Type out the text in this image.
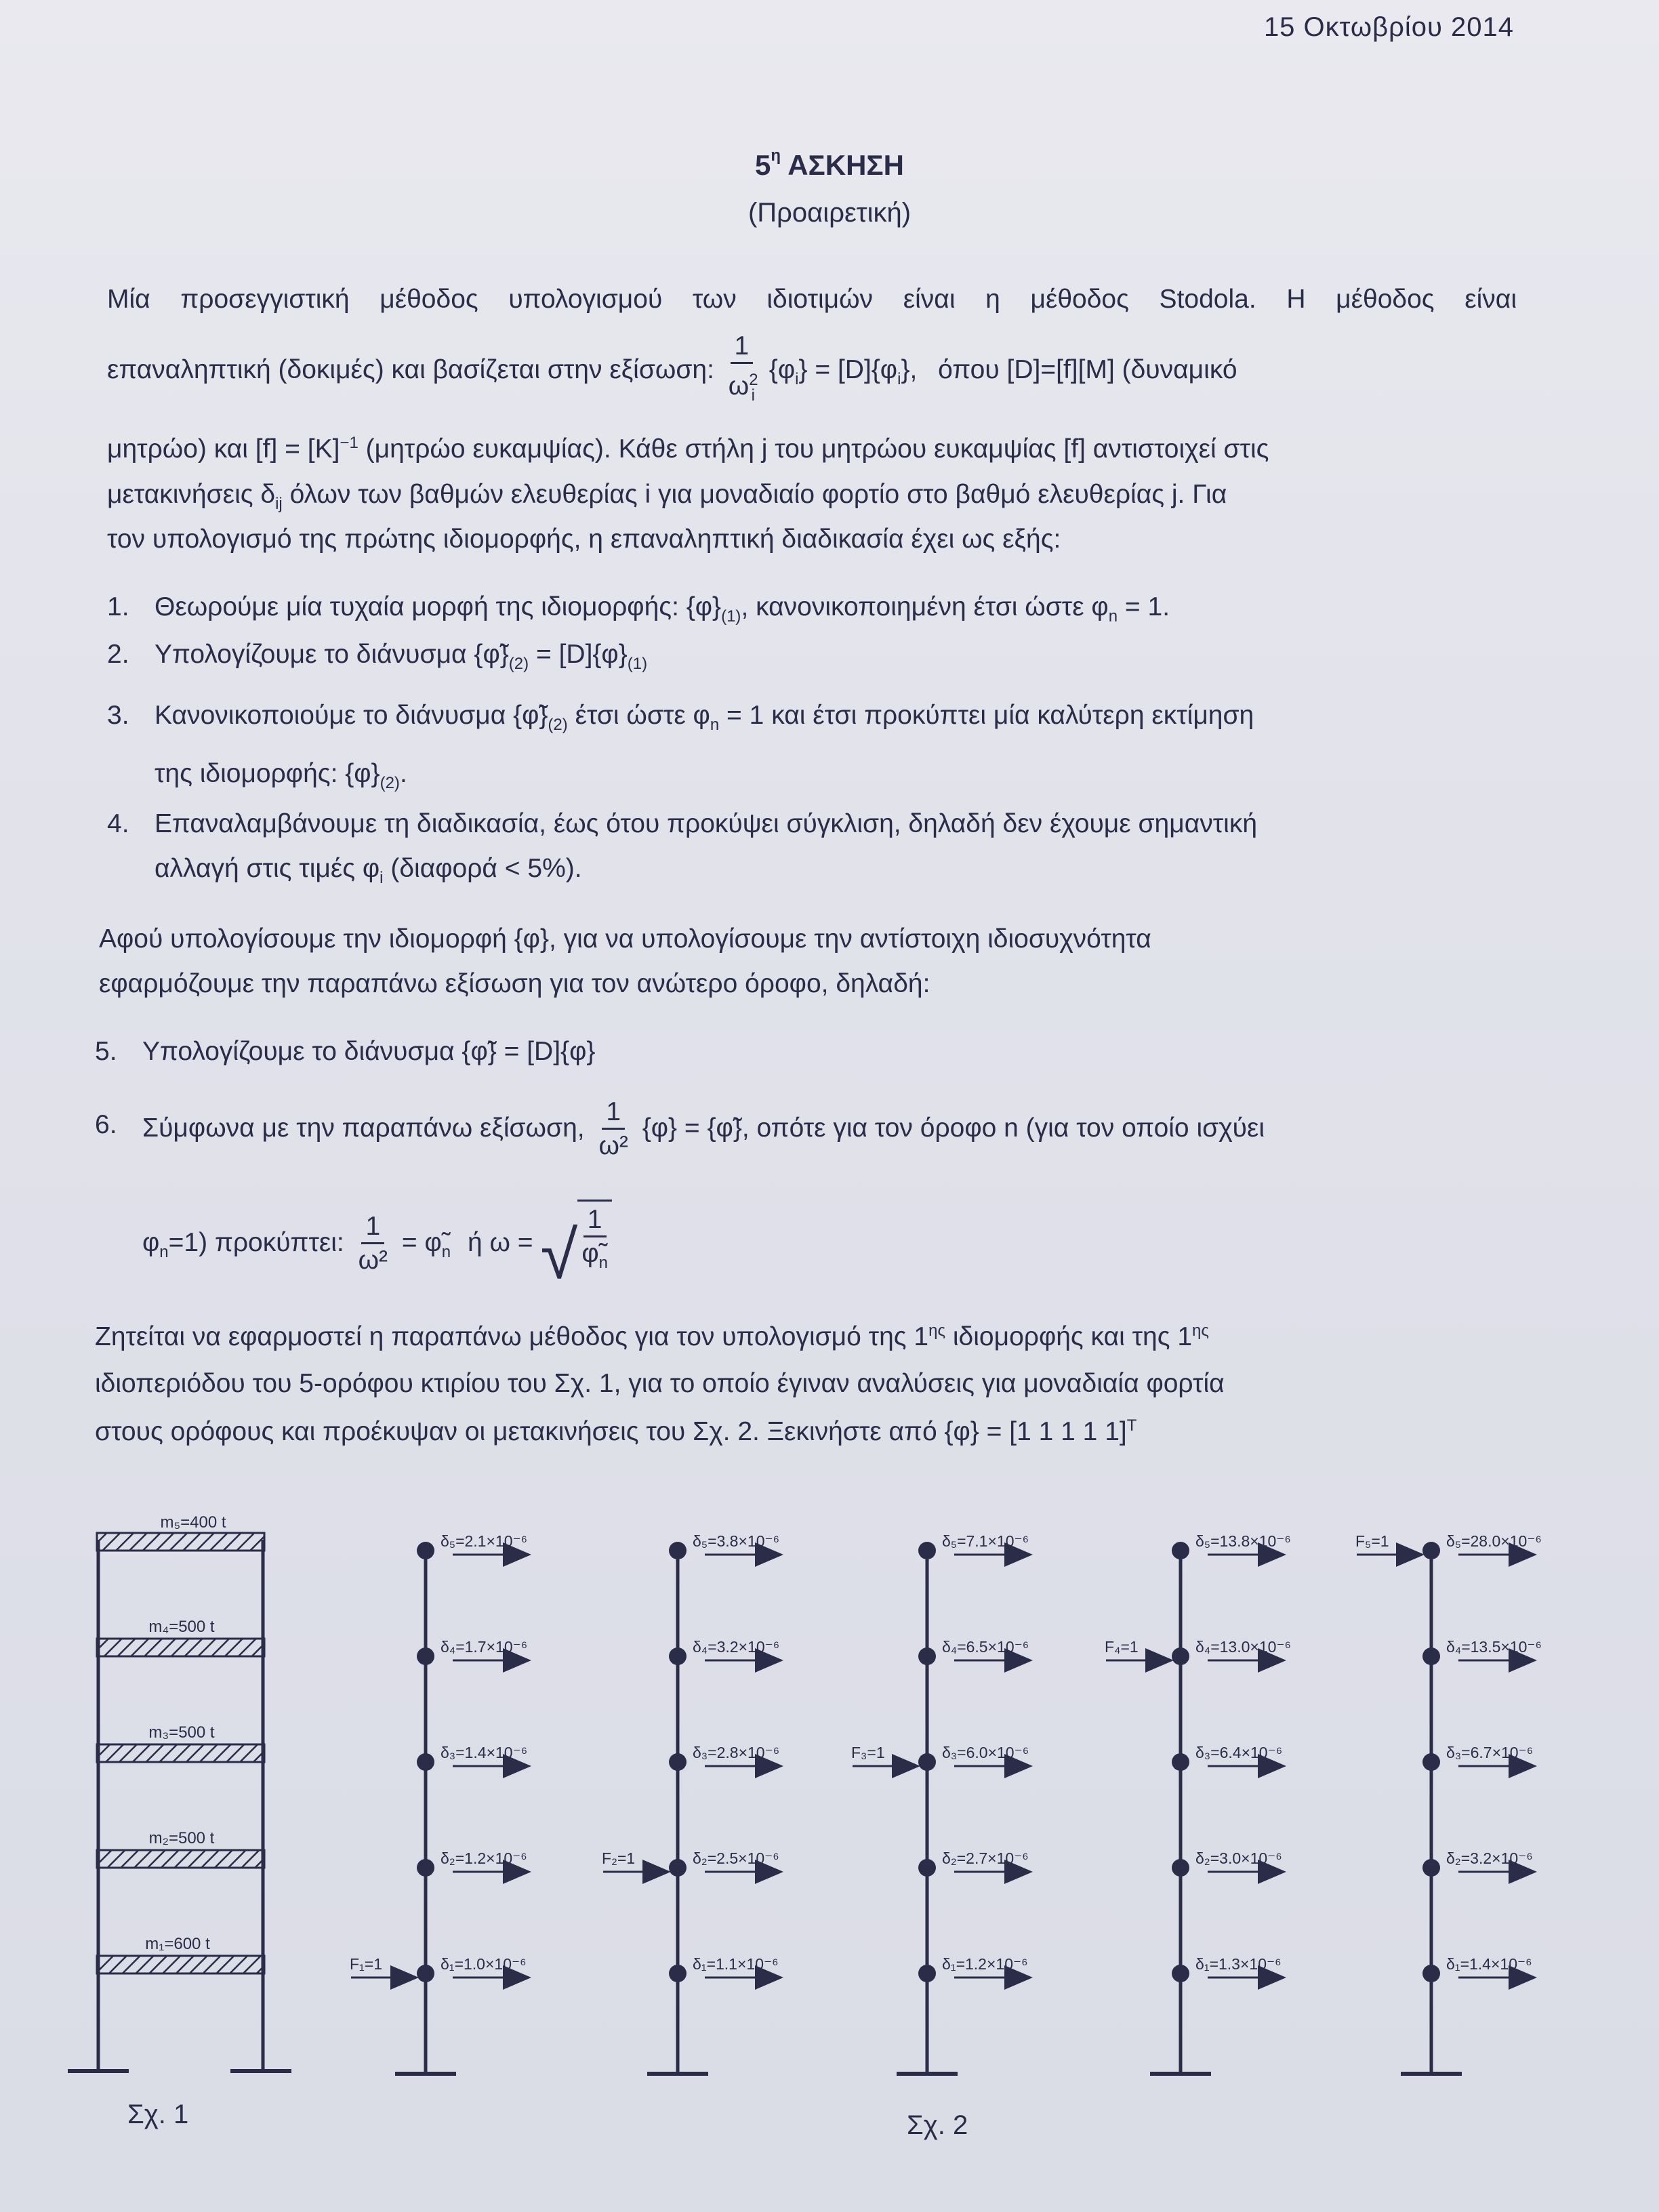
15 Οκτωβρίου 2014
$5^\eta$ ΑΣΚΗΣΗ
(Προαιρετική)
Μία προσεγγιστική μέθοδος υπολογισμού των ιδιοτιμών είναι η μέθοδος Stodola. Η μέθοδος είναι
επαναληπτική (δοκιμές) και βασίζεται στην εξίσωση: $\frac{1}{\omega^2_i} \{\varphi_i\} = [D]\{\varphi_i\}$, όπου [D]=[f][M] (δυναμικό
μητρώο) και $[f] = [K]^{-1}$ (μητρώο ευκαμψίας). Κάθε στήλη j του μητρώου ευκαμψίας [f] αντιστοιχεί στις
μετακινήσεις $\delta_{ij}$ όλων των βαθμών ελευθερίας i για μοναδιαίο φορτίο στο βαθμό ελευθερίας j. Για
τον υπολογισμό της πρώτης ιδιομορφής, η επαναληπτική διαδικασία έχει ως εξής:
1. Θεωρούμε μία τυχαία μορφή της ιδιομορφής: $\{\varphi\}_{(1)}$, κανονικοποιημένη έτσι ώστε $\varphi_n = 1$.
2. Υπολογίζουμε το διάνυσμα $\{\varphĩ\}_{(2)} = [D]\{\varphi\}_{(1)}$
3. Κανονικοποιούμε το διάνυσμα $\{\varphĩ\}_{(2)}$ έτσι ώστε $\varphi_n = 1$ και έτσι προκύπτει μία καλύτερη εκτίμηση
της ιδιομορφής: $\{\varphi\}_{(2)}$.
4. Επαναλαμβάνουμε τη διαδικασία, έως ότου προκύψει σύγκλιση, δηλαδή δεν έχουμε σημαντική
αλλαγή στις τιμές $\varphi_i$ (διαφορά < 5%).
Αφού υπολογίσουμε την ιδιομορφή {φ}, για να υπολογίσουμε την αντίστοιχη ιδιοσυχνότητα
εφαρμόζουμε την παραπάνω εξίσωση για τον ανώτερο όροφο, δηλαδή:
5. Υπολογίζουμε το διάνυσμα {φ̃} = [D]{φ}
6. Σύμφωνα με την παραπάνω εξίσωση, $\frac{1}{\text{ω²}} \{\varphi\}$ = {φ̃}, οπότε για τον όροφο n (για τον οποίο ισχύει
$\varphi_n=1$) προκύπτει: $\frac{1}{\text{ω²}}$ = $\varphĩ_n$ ή ω = √ $\frac{1}{\varphĩ_n}$
Ζητείται να εφαρμοστεί η παραπάνω μέθοδος για τον υπολογισμό της $1^{\eta\varsigma}$ ιδιομορφής και της $1^{\eta\varsigma}$
ιδιοπεριόδου του 5-ορόφου κτιρίου του Σχ. 1, για το οποίο έγιναν αναλύσεις για μοναδιαία φορτία
στους ορόφους και προέκυψαν οι μετακινήσεις του Σχ. 2. Ξεκινήστε από {φ} = [1 1 1 1 1]$^T$
m₅=400 t
m₄=500 t
m₃=500 t
m₂=500 t
m₁=600 t
δ₅=2.1×10⁻⁶
δ₄=1.7×10⁻⁶
δ₃=1.4×10⁻⁶
δ₂=1.2×10⁻⁶
δ₁=1.0×10⁻⁶
F₁=1
δ₅=3.8×10⁻⁶
δ₄=3.2×10⁻⁶
δ₃=2.8×10⁻⁶
δ₂=2.5×10⁻⁶
δ₁=1.1×10⁻⁶
F₂=1
δ₅=7.1×10⁻⁶
δ₄=6.5×10⁻⁶
δ₃=6.0×10⁻⁶
δ₂=2.7×10⁻⁶
δ₁=1.2×10⁻⁶
F₃=1
δ₅=13.8×10⁻⁶
δ₄=13.0×10⁻⁶
δ₃=6.4×10⁻⁶
δ₂=3.0×10⁻⁶
δ₁=1.3×10⁻⁶
F₄=1
δ₅=28.0×10⁻⁶
δ₄=13.5×10⁻⁶
δ₃=6.7×10⁻⁶
δ₂=3.2×10⁻⁶
δ₁=1.4×10⁻⁶
F₅=1
Σχ. 1	Σχ. 2
